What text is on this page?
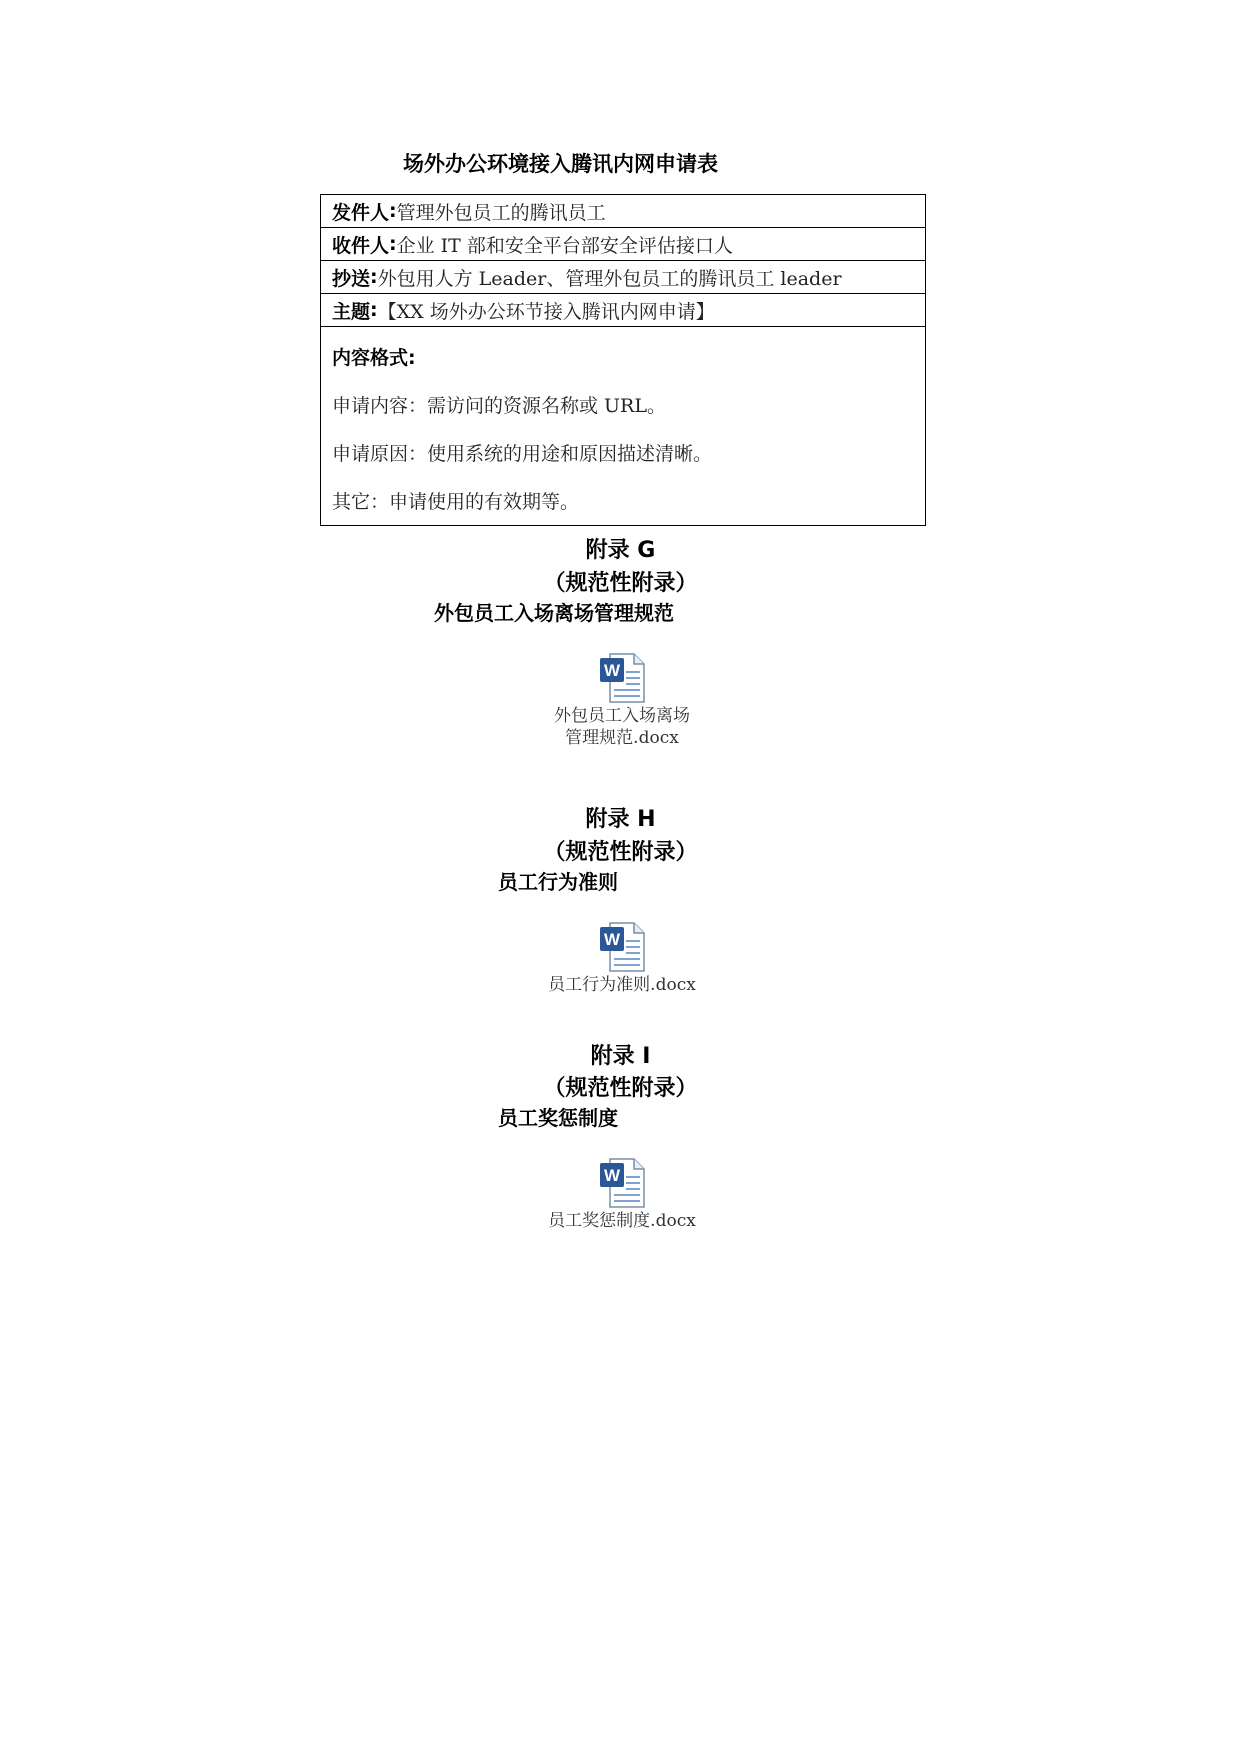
场外办公环境接入腾讯内网申请表
发件人 : 管理外包员工的腾讯员工
收件人 : 企业 IT 部和安全平台部安全评估接口人
抄送 : 外包用人方 Leader、管理外包员工的腾讯员工 leader
主题 : 【XX 场外办公环节接入腾讯内网申请】
内容格式:
申请内容：需访问的资源名称或 URL。
申请原因：使用系统的用途和原因描述清晰。
其它：申请使用的有效期等。
附录 G
（规范性附录）
外包员工入场离场管理规范
W
外包员工入场离场
管理规范.docx
附录 H
（规范性附录）
员工行为准则
W
员工行为准则.docx
附录 I
（规范性附录）
员工奖惩制度
W
员工奖惩制度.docx
